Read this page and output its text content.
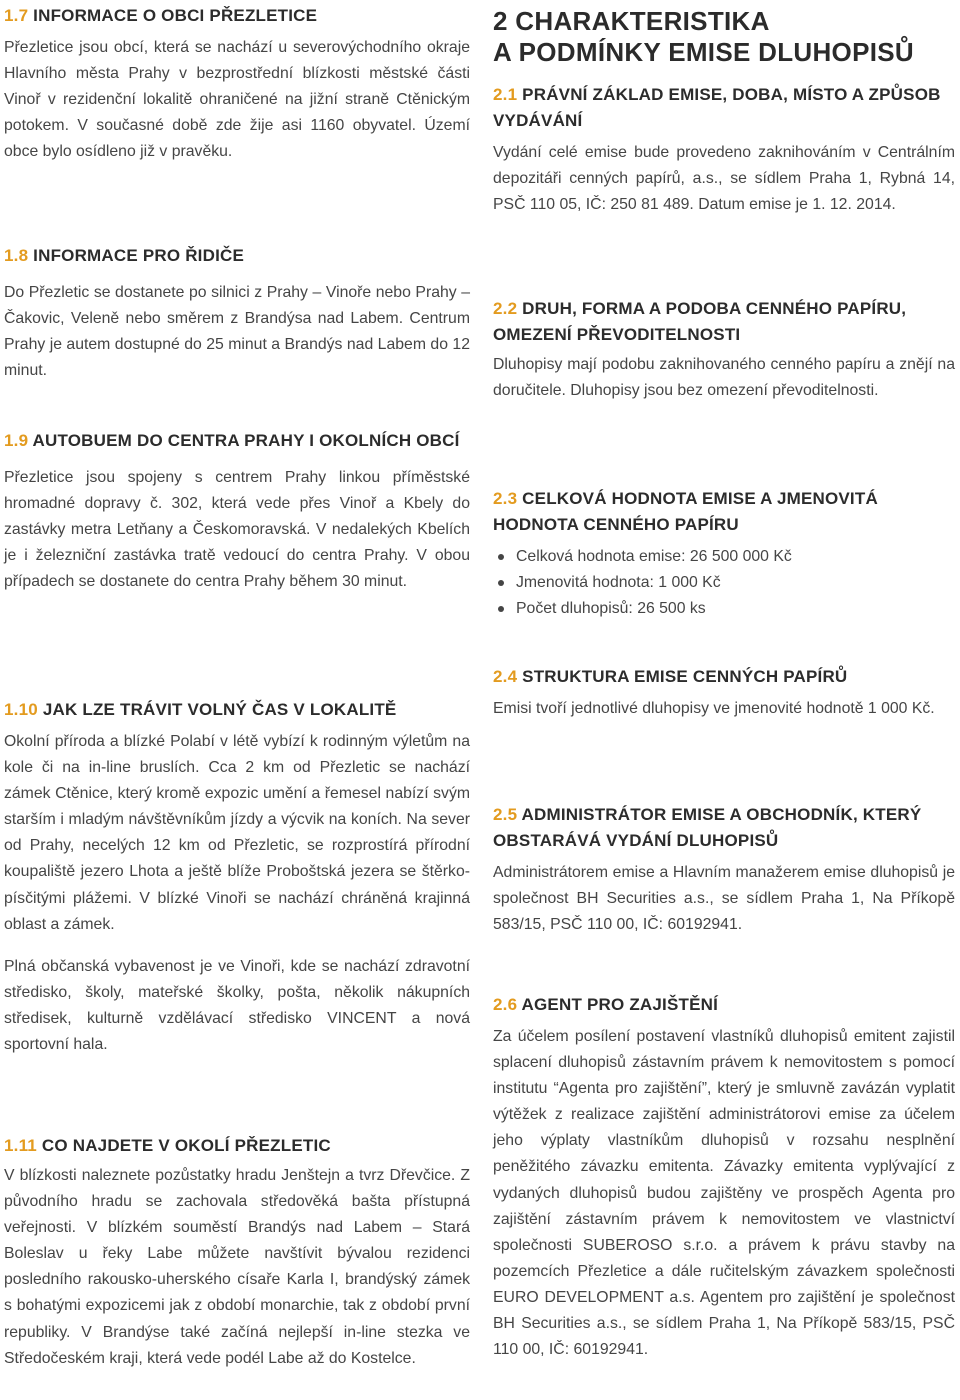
1.7 INFORMACE O OBCI PŘEZLETICE

Přezletice jsou obcí, která se nachází u severovýchodního okraje Hlavního města Prahy v bezprostřední blízkosti městské části Vinoř v rezidenční lokalitě ohraničené na jižní straně Ctěnickým potokem. V současné době zde žije asi 1160 obyvatel. Území obce bylo osídleno již v pravěku.

1.8 INFORMACE PRO ŘIDIČE

Do Přezletic se dostanete po silnici z Prahy – Vinoře nebo Prahy – Čakovic, Veleně nebo směrem z Brandýsa nad Labem. Centrum Prahy je autem dostupné do 25 minut a Brandýs nad Labem do 12 minut.

1.9 AUTOBUEM DO CENTRA PRAHY I OKOLNÍCH OBCÍ

Přezletice jsou spojeny s centrem Prahy linkou příměstské hromadné dopravy č. 302, která vede přes Vinoř a Kbely do zastávky metra Letňany a Českomoravská. V nedalekých Kbelích je i železniční zastávka tratě vedoucí do centra Prahy. V obou případech se dostanete do centra Prahy během 30 minut.

1.10 JAK LZE TRÁVIT VOLNÝ ČAS V LOKALITĚ

Okolní příroda a blízké Polabí v létě vybízí k rodinným výletům na kole či na in-line bruslích. Cca 2 km od Přezletic se nachází zámek Ctěnice, který kromě expozic umění a řemesel nabízí svým starším i mladým návštěvníkům jízdy a výcvik na koních. Na sever od Prahy, necelých 12 km od Přezletic, se rozprostírá přírodní koupaliště jezero Lhota a ještě blíže Proboštská jezera se štěrko-písčitými plážemi. V blízké Vinoři se nachází chráněná krajinná oblast a zámek.

Plná občanská vybavenost je ve Vinoři, kde se nachází zdravotní středisko, školy, mateřské školky, pošta, několik nákupních středisek, kulturně vzdělávací středisko VINCENT a nová sportovní hala.

1.11 CO NAJDETE V OKOLÍ PŘEZLETIC

V blízkosti naleznete pozůstatky hradu Jenštejn a tvrz Dřevčice. Z původního hradu se zachovala středověká bašta přístupná veřejnosti. V blízkém souměstí Brandýs nad Labem – Stará Boleslav u řeky Labe můžete navštívit bývalou rezidenci posledního rakousko-uherského císaře Karla I, brandýský zámek s bohatými expozicemi jak z období monarchie, tak z období první republiky. V Brandýse také začíná nejlepší in-line stezka ve Středočeském kraji, která vede podél Labe až do Kostelce.

2 CHARAKTERISTIKA
A PODMÍNKY EMISE DLUHOPISŮ
2.1 PRÁVNÍ ZÁKLAD EMISE, DOBA, MÍSTO A ZPŮSOB VYDÁVÁNÍ

Vydání celé emise bude provedeno zaknihováním v Centrálním depozitáři cenných papírů, a.s., se sídlem Praha 1, Rybná 14, PSČ 110 05, IČ: 250 81 489. Datum emise je 1. 12. 2014.

2.2 DRUH, FORMA A PODOBA CENNÉHO PAPÍRU, OMEZENÍ PŘEVODITELNOSTI

Dluhopisy mají podobu zaknihovaného cenného papíru a znějí na doručitele. Dluhopisy jsou bez omezení převoditelnosti.

2.3 CELKOVÁ HODNOTA EMISE A JMENOVITÁ HODNOTA CENNÉHO PAPÍRU
Celková hodnota emise: 26 500 000 Kč
Jmenovitá hodnota: 1 000 Kč
Počet dluhopisů: 26 500 ks
2.4 STRUKTURA EMISE CENNÝCH PAPÍRŮ

Emisi tvoří jednotlivé dluhopisy ve jmenovité hodnotě 1 000 Kč.

2.5 ADMINISTRÁTOR EMISE A OBCHODNÍK, KTERÝ OBSTARÁVÁ VYDÁNÍ DLUHOPISŮ

Administrátorem emise a Hlavním manažerem emise dluhopisů je společnost BH Securities a.s., se sídlem Praha 1, Na Příkopě 583/15, PSČ 110 00, IČ: 60192941.

2.6 AGENT PRO ZAJIŠTĚNÍ

Za účelem posílení postavení vlastníků dluhopisů emitent zajistil splacení dluhopisů zástavním právem k nemovitostem s pomocí institutu “Agenta pro zajištění”, který je smluvně zavázán vyplatit výtěžek z realizace zajištění administrátorovi emise za účelem jeho výplaty vlastníkům dluhopisů v rozsahu nesplnění peněžitého závazku emitenta. Závazky emitenta vyplývající z vydaných dluhopisů budou zajištěny ve prospěch Agenta pro zajištění zástavním právem k nemovitostem ve vlastnictví společnosti SUBEROSO s.r.o. a právem k právu stavby na pozemcích Přezletice a dále ručitelským závazkem společnosti EURO DEVELOPMENT a.s. Agentem pro zajištění je společnost BH Securities a.s., se sídlem Praha 1, Na Příkopě 583/15, PSČ 110 00, IČ: 60192941.
